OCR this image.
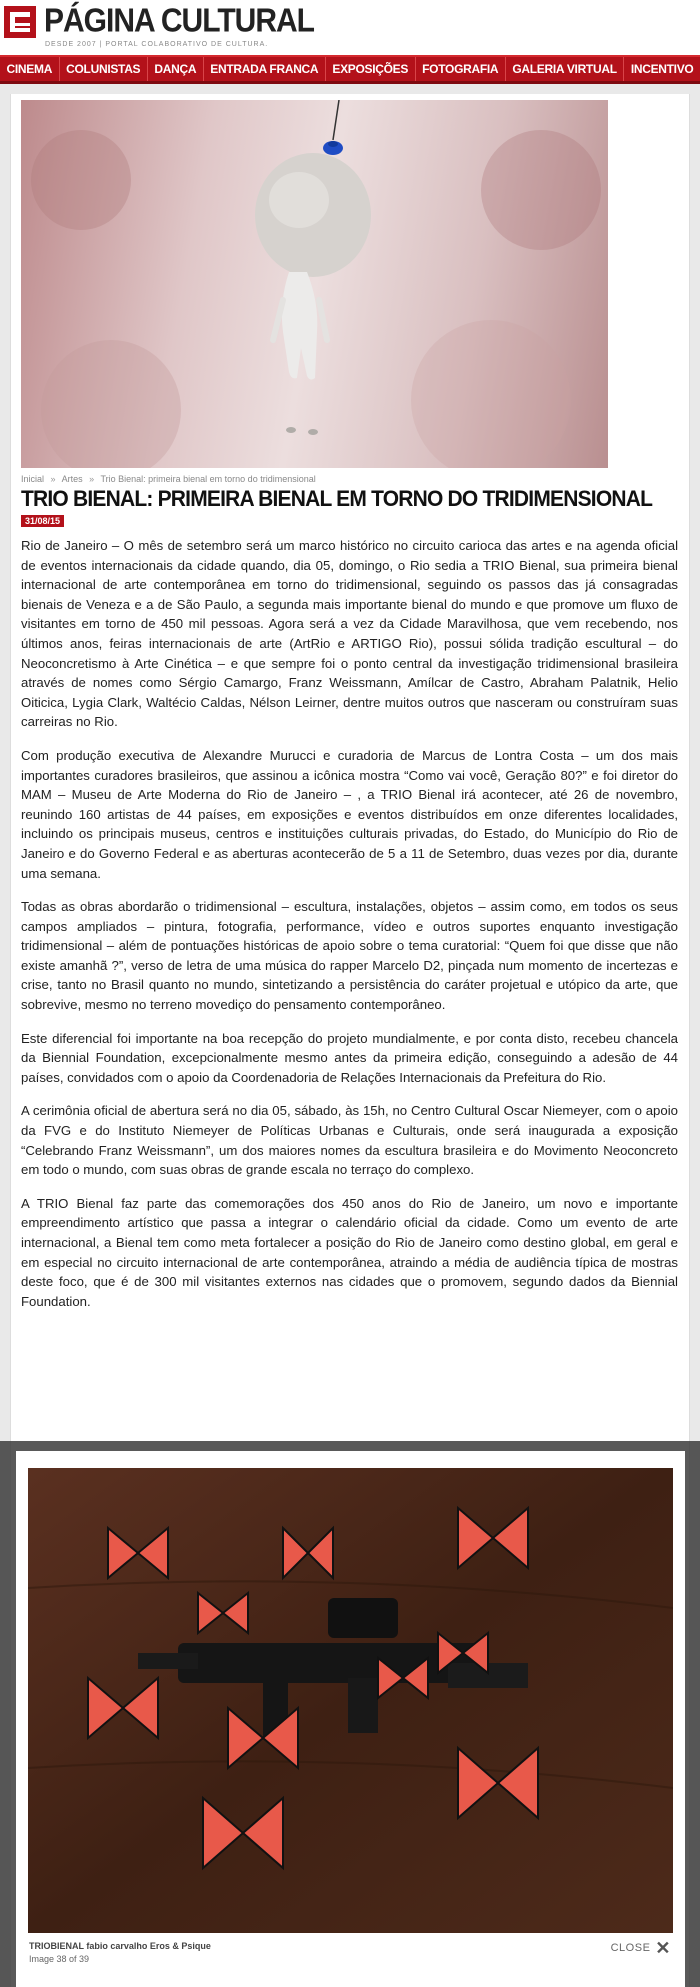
PÁGINA CULTURAL
DESDE 2007 | PORTAL COLABORATIVO DE CULTURA.
CINEMA	COLUNISTAS	DANÇA	ENTRADA FRANCA	EXPOSIÇÕES	FOTOGRAFIA	GALERIA VIRTUAL	INCENTIVO
Inicial » Artes » Trio Bienal: primeira bienal em torno do tridimensional
TRIO BIENAL: PRIMEIRA BIENAL EM TORNO DO TRIDIMENSIONAL
31/08/15

Rio de Janeiro – O mês de setembro será um marco histórico no circuito carioca das artes e na agenda oficial de eventos internacionais da cidade quando, dia 05, domingo, o Rio sedia a TRIO Bienal, sua primeira bienal internacional de arte contemporânea em torno do tridimensional, seguindo os passos das já consagradas bienais de Veneza e a de São Paulo, a segunda mais importante bienal do mundo e que promove um fluxo de visitantes em torno de 450 mil pessoas. Agora será a vez da Cidade Maravilhosa, que vem recebendo, nos últimos anos, feiras internacionais de arte (ArtRio e ARTIGO Rio), possui sólida tradição escultural – do Neoconcretismo à Arte Cinética – e que sempre foi o ponto central da investigação tridimensional brasileira através de nomes como Sérgio Camargo, Franz Weissmann, Amílcar de Castro, Abraham Palatnik, Helio Oiticica, Lygia Clark, Waltécio Caldas, Nélson Leirner, dentre muitos outros que nasceram ou construíram suas carreiras no Rio.

Com produção executiva de Alexandre Murucci e curadoria de Marcus de Lontra Costa – um dos mais importantes curadores brasileiros, que assinou a icônica mostra “Como vai você, Geração 80?” e foi diretor do MAM – Museu de Arte Moderna do Rio de Janeiro – , a TRIO Bienal irá acontecer, até 26 de novembro, reunindo 160 artistas de 44 países, em exposições e eventos distribuídos em onze diferentes localidades, incluindo os principais museus, centros e instituições culturais privadas, do Estado, do Município do Rio de Janeiro e do Governo Federal e as aberturas acontecerão de 5 a 11 de Setembro, duas vezes por dia, durante uma semana.

Todas as obras abordarão o tridimensional – escultura, instalações, objetos – assim como, em todos os seus campos ampliados – pintura, fotografia, performance, vídeo e outros suportes enquanto investigação tridimensional – além de pontuações históricas de apoio sobre o tema curatorial: “Quem foi que disse que não existe amanhã ?”, verso de letra de uma música do rapper Marcelo D2, pinçada num momento de incertezas e crise, tanto no Brasil quanto no mundo, sintetizando a persistência do caráter projetual e utópico da arte, que sobrevive, mesmo no terreno movediço do pensamento contemporâneo.

Este diferencial foi importante na boa recepção do projeto mundialmente, e por conta disto, recebeu chancela da Biennial Foundation, excepcionalmente mesmo antes da primeira edição, conseguindo a adesão de 44 países, convidados com o apoio da Coordenadoria de Relações Internacionais da Prefeitura do Rio.

A cerimônia oficial de abertura será no dia 05, sábado, às 15h, no Centro Cultural Oscar Niemeyer, com o apoio da FVG e do Instituto Niemeyer de Políticas Urbanas e Culturais, onde será inaugurada a exposição “Celebrando Franz Weissmann”, um dos maiores nomes da escultura brasileira e do Movimento Neoconcreto em todo o mundo, com suas obras de grande escala no terraço do complexo.

A TRIO Bienal faz parte das comemorações dos 450 anos do Rio de Janeiro, um novo e importante empreendimento artístico que passa a integrar o calendário oficial da cidade. Como um evento de arte internacional, a Bienal tem como meta fortalecer a posição do Rio de Janeiro como destino global, em geral e em especial no circuito internacional de arte contemporânea, atraindo a média de audiência típica de mostras deste foco, que é de 300 mil visitantes externos nas cidades que o promovem, segundo dados da Biennial Foundation.

TRIOBIENAL fabio carvalho Eros & Psique
Image 38 of 39
CLOSE ✕
